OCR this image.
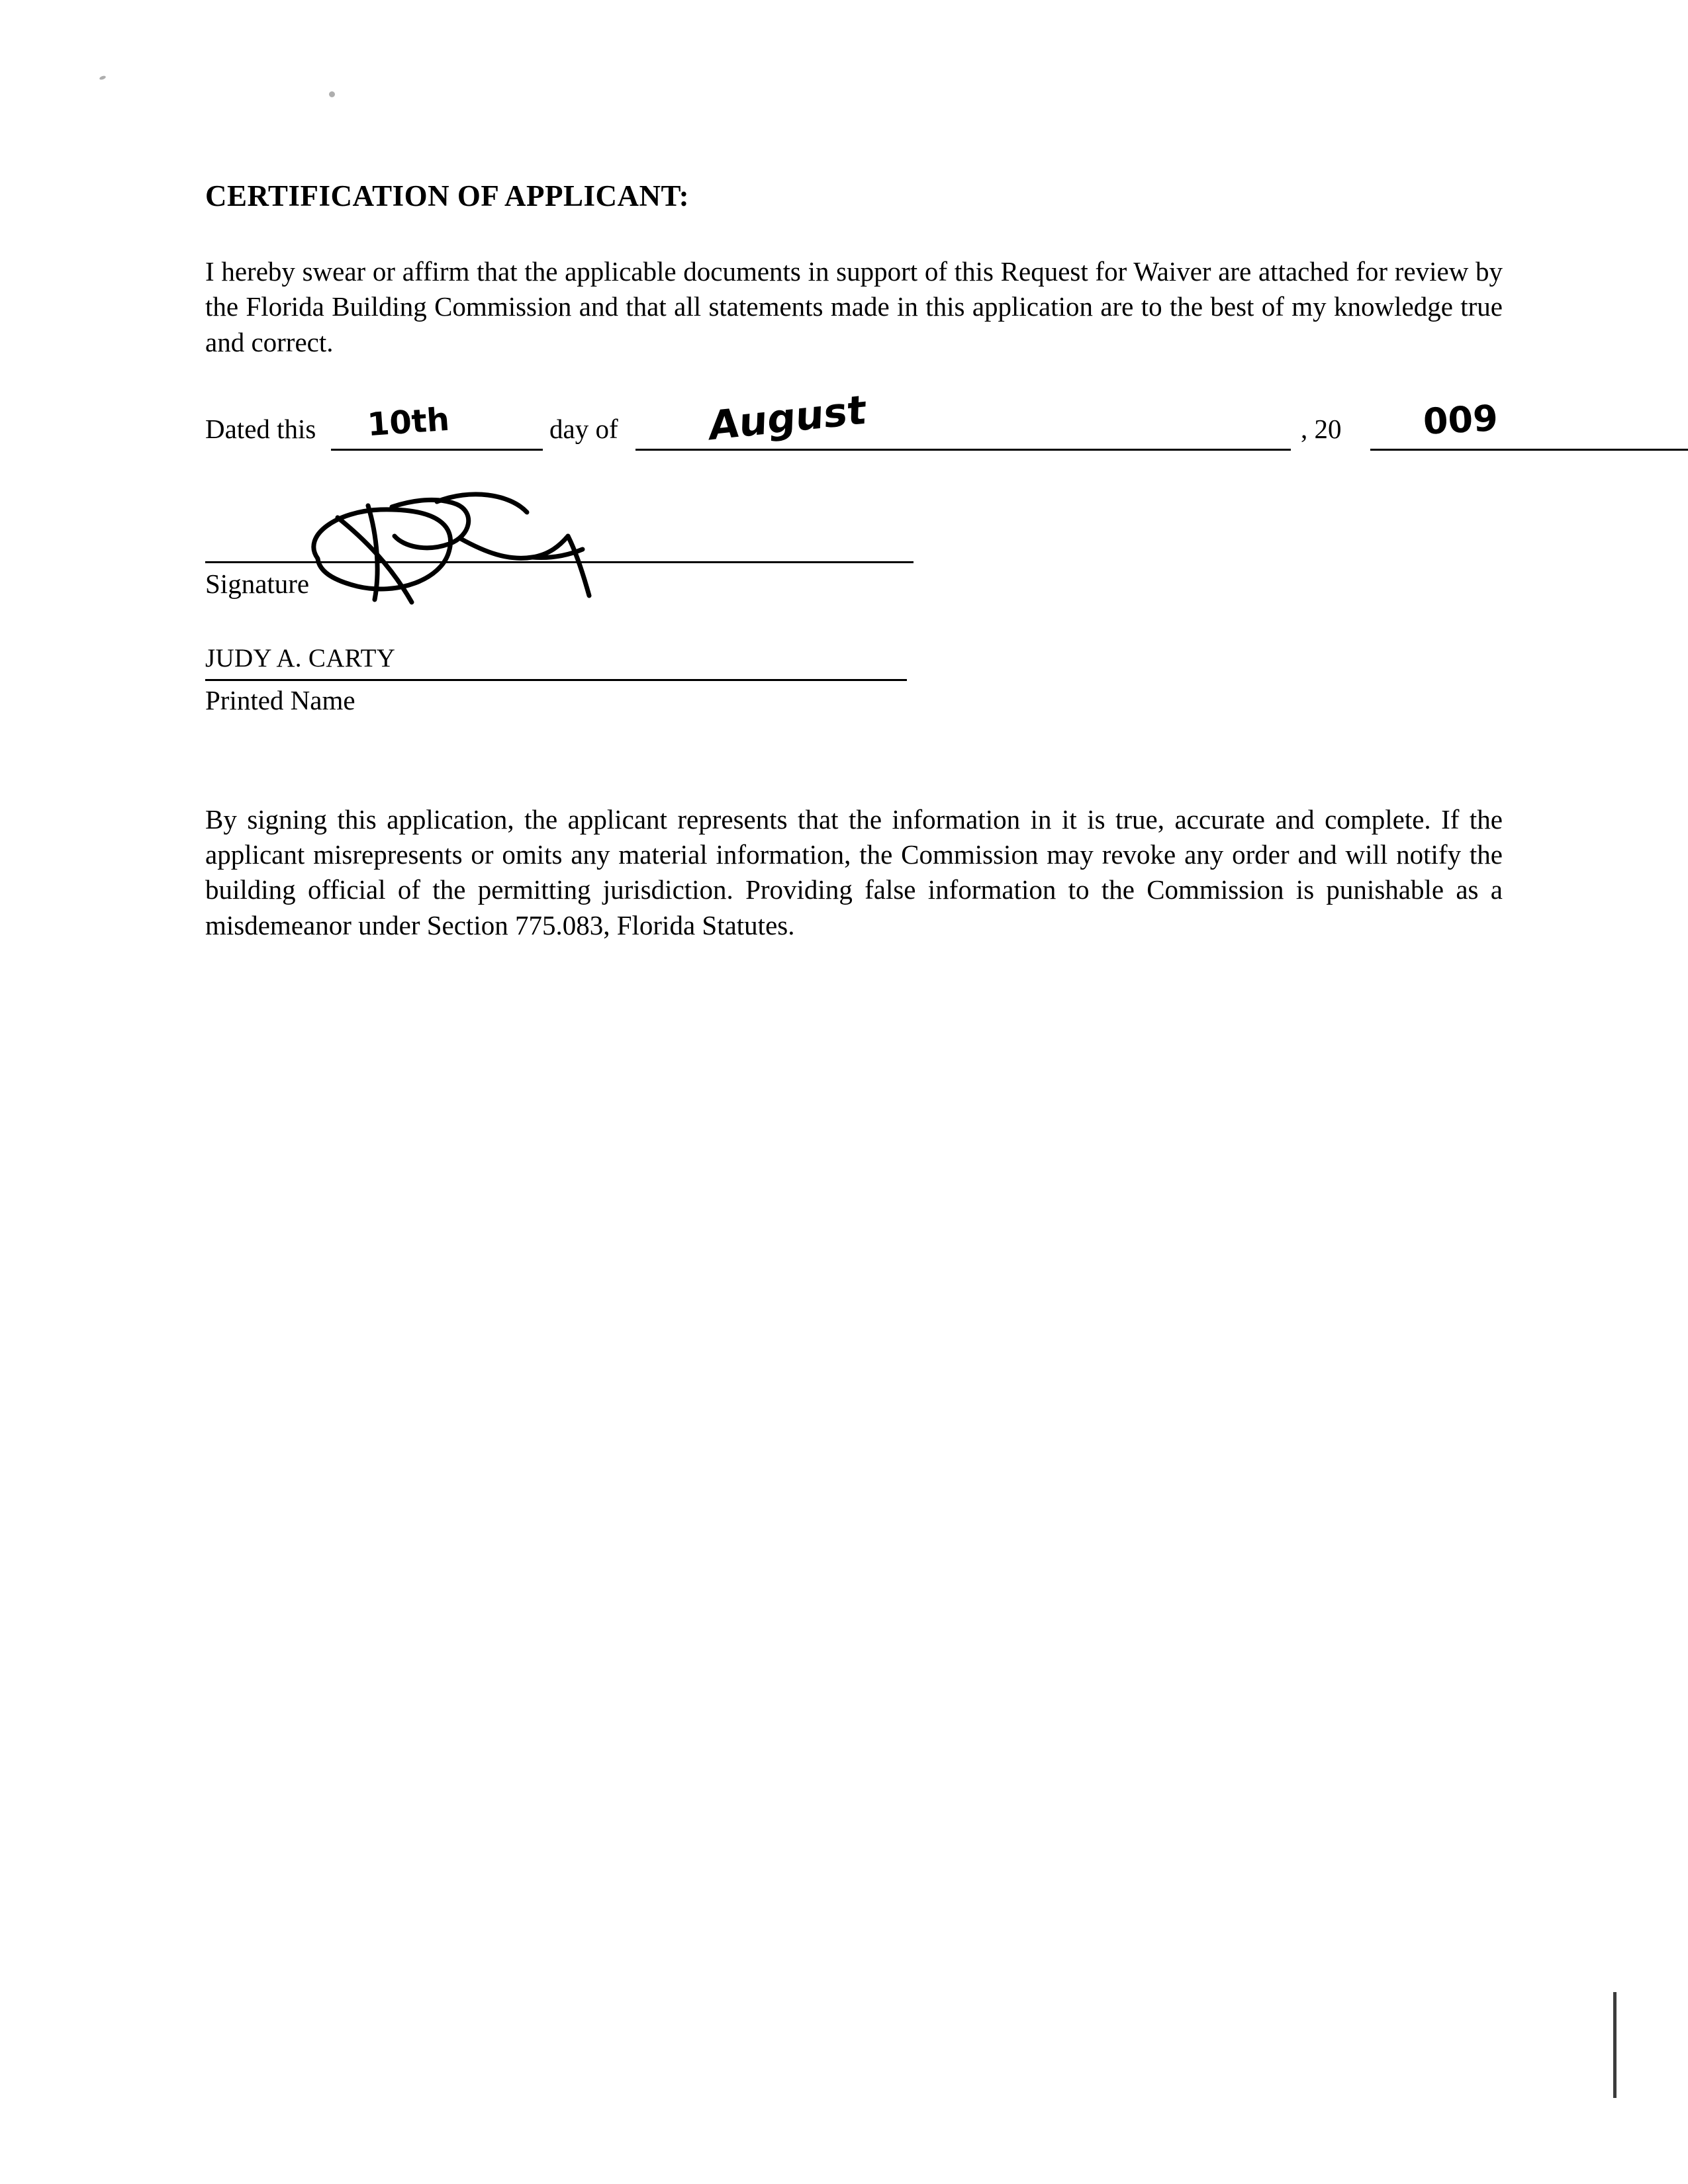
CERTIFICATION OF APPLICANT:

I hereby swear or affirm that the applicable documents in support of this Request for Waiver are attached for review by the Florida Building Commission and that all statements made in this application are to the best of my knowledge true and correct.

Dated this 10th	day of August	, 20 009
Signature
JUDY A. CARTY
Printed Name

By signing this application, the applicant represents that the information in it is true, accurate and complete. If the applicant misrepresents or omits any material information, the Commission may revoke any order and will notify the building official of the permitting jurisdiction. Providing false information to the Commission is punishable as a misdemeanor under Section 775.083, Florida Statutes.
